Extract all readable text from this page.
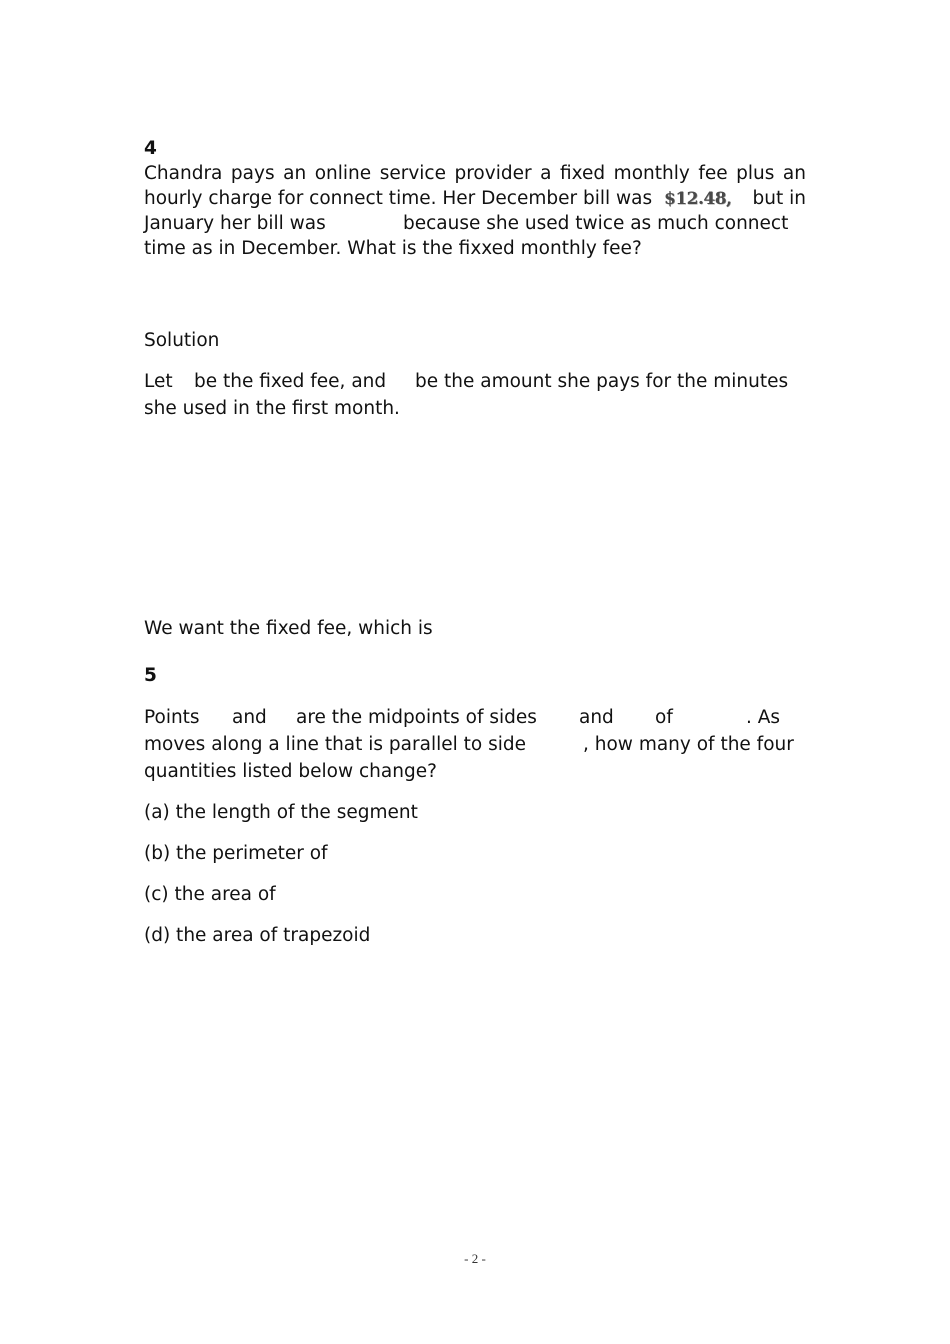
4
Chandra pays an online service provider a fixed monthly fee plus an
hourly charge for connect time. Her December bill was $12.48, but in
January her bill was	because she used twice as much connect
time as in December. What is the fixxed monthly fee?
Solution
Let be the fixed fee, and be the amount she pays for the minutes
she used in the first month.
We want the fixed fee, which is
5
Points and are the midpoints of sides and of	. As
moves along a line that is parallel to side	, how many of the four
quantities listed below change?
(a) the length of the segment
(b) the perimeter of
(c) the area of
(d) the area of trapezoid
- 2 -
